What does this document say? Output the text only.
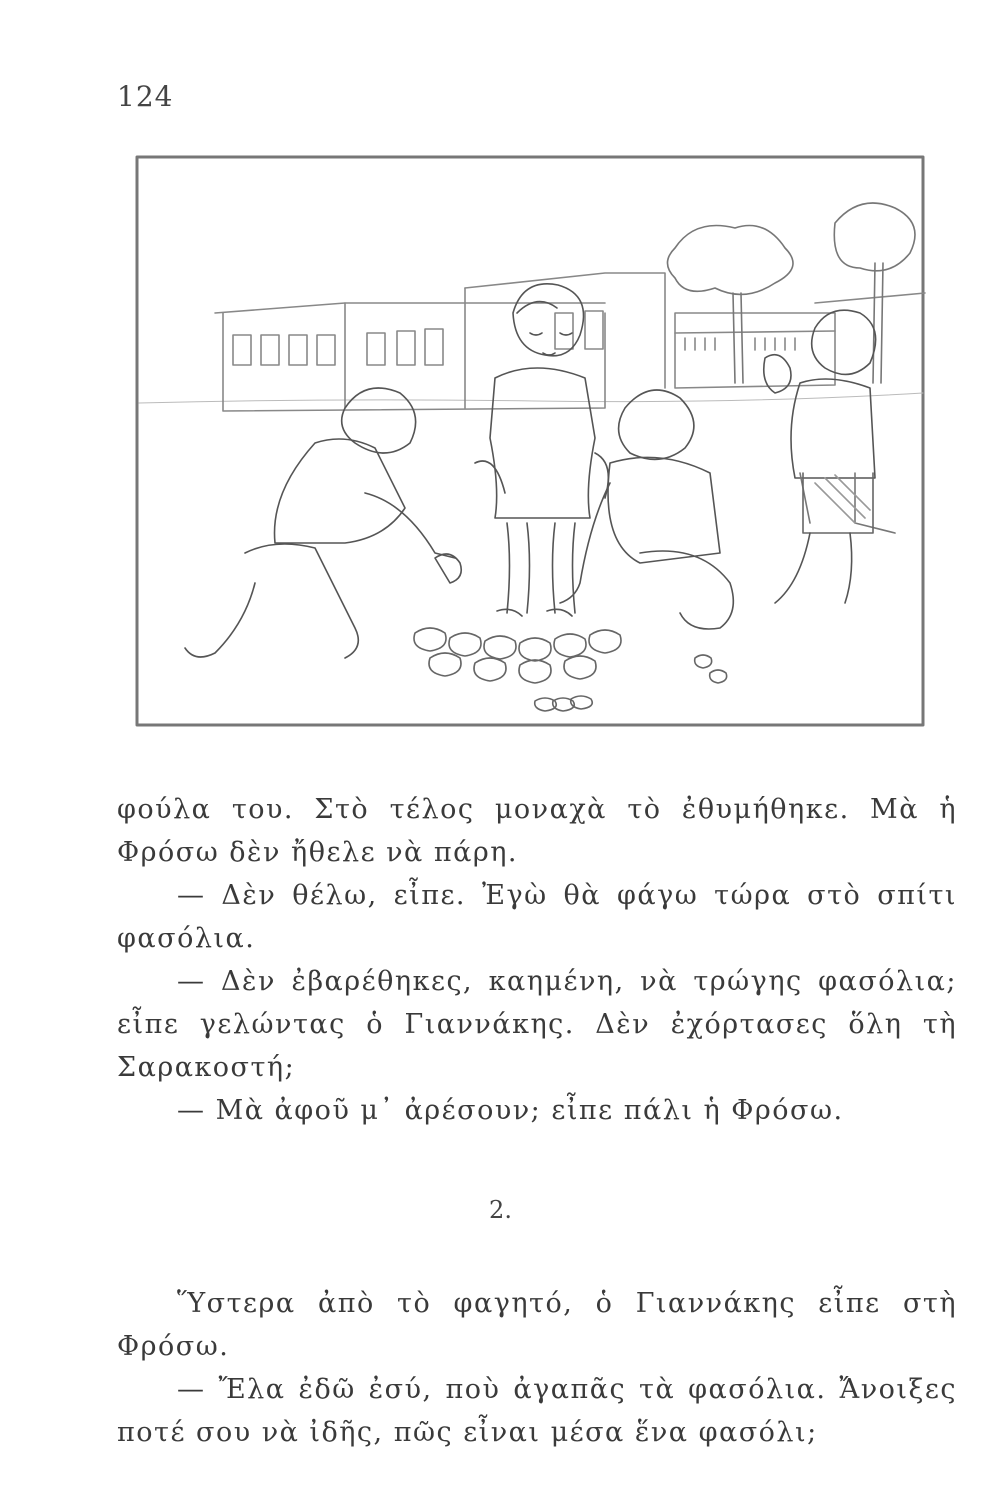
124
φούλα του. Στὸ τέλος μοναχὰ τὸ ἐθυμήθηκε. Μὰ ἡ
Φρόσω δὲν ἤθελε νὰ πάρη.
— Δὲν θέλω, εἶπε. Ἐγὼ θὰ φάγω τώρα στὸ σπίτι
φασόλια.
— Δὲν ἐβαρέθηκες, καημένη, νὰ τρώγης φασόλια;
εἶπε γελώντας ὁ Γιαννάκης. Δὲν ἐχόρτασες ὅλη τὴ
Σαρακοστή;
— Μὰ ἀφοῦ μ᾽ ἀρέσουν; εἶπε πάλι ἡ Φρόσω.
2.
Ὕστερα ἀπὸ τὸ φαγητό, ὁ Γιαννάκης εἶπε στὴ
Φρόσω.
— Ἔλα ἐδῶ ἐσύ, ποὺ ἀγαπᾶς τὰ φασόλια. Ἄνοιξες
ποτέ σου νὰ ἰδῆς, πῶς εἶναι μέσα ἕνα φασόλι;
